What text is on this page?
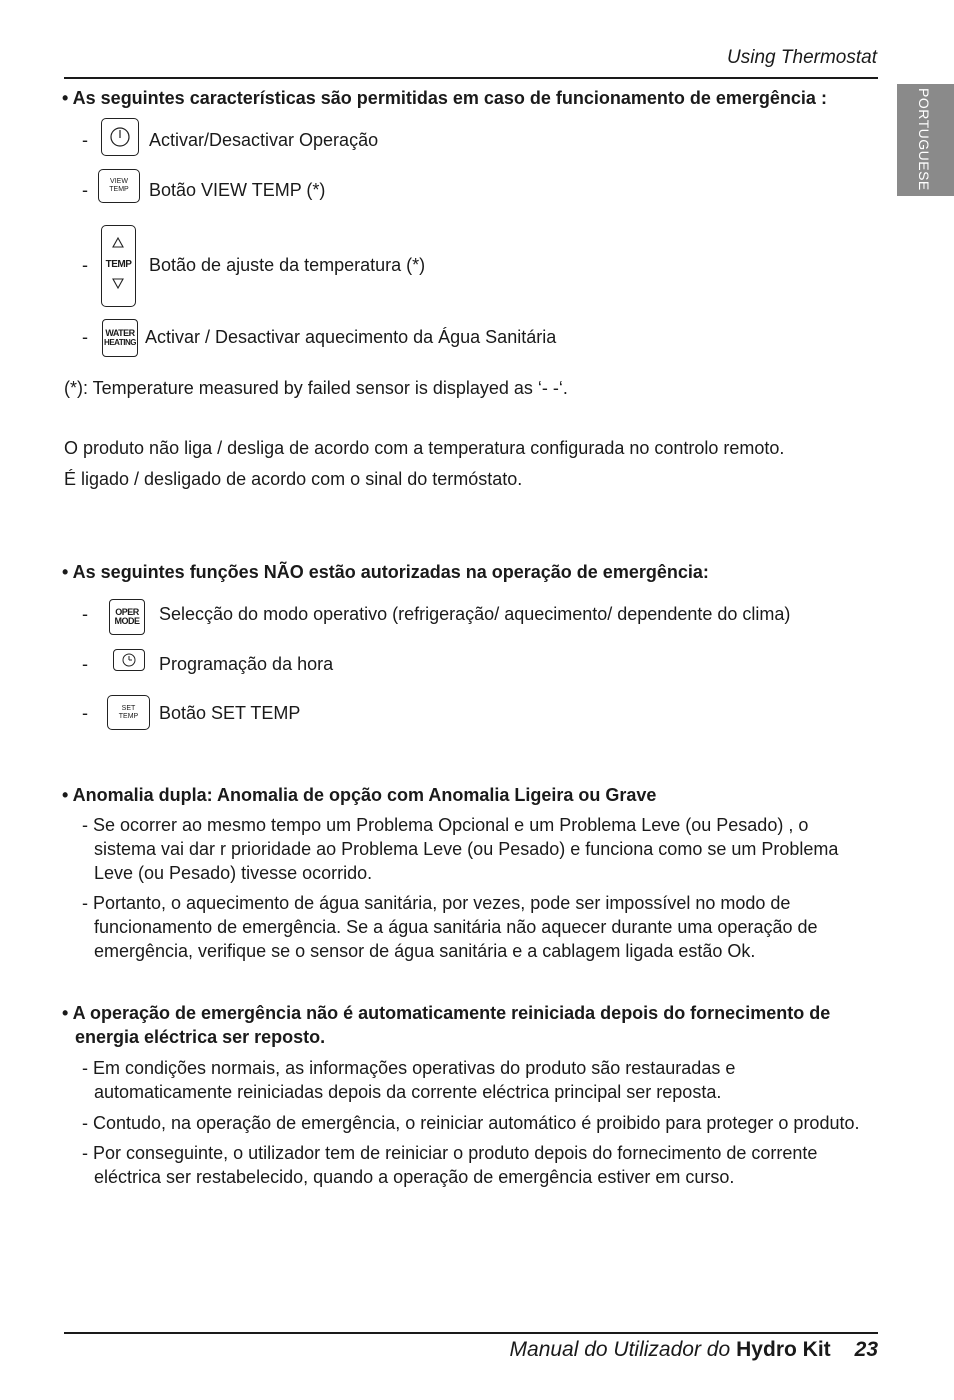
Using Thermostat
PORTUGUESE
• As seguintes características são permitidas em caso de funcionamento de emergência :
-	Activar/Desactivar Operação
-	VIEW
TEMP Botão VIEW TEMP (*)
-	TEMP Botão de ajuste da temperatura (*)
- WATER
HEATING Activar / Desactivar aquecimento da Água Sanitária
(*): Temperature measured by failed sensor is displayed as ‘- -‘.
O produto não liga / desliga de acordo com a temperatura configurada no controlo remoto.
É ligado / desligado de acordo com o sinal do termóstato.
• As seguintes funções NÃO estão autorizadas na operação de emergência:
-	OPER
MODE Selecção do modo operativo (refrigeração/ aquecimento/ dependente do clima)
-	Programação da hora
-	SET
TEMP Botão SET TEMP
• Anomalia dupla: Anomalia de opção com Anomalia Ligeira ou Grave
- Se ocorrer ao mesmo tempo um Problema Opcional e um Problema Leve (ou Pesado) , o
sistema vai dar r prioridade ao Problema Leve (ou Pesado) e funciona como se um Problema
Leve (ou Pesado) tivesse ocorrido.
- Portanto, o aquecimento de água sanitária, por vezes, pode ser impossível no modo de
funcionamento de emergência. Se a água sanitária não aquecer durante uma operação de
emergência, verifique se o sensor de água sanitária e a cablagem ligada estão Ok.
• A operação de emergência não é automaticamente reiniciada depois do fornecimento de
energia eléctrica ser reposto.
- Em condições normais, as informações operativas do produto são restauradas e
automaticamente reiniciadas depois da corrente eléctrica principal ser reposta.
- Contudo, na operação de emergência, o reiniciar automático é proibido para proteger o produto.
- Por conseguinte, o utilizador tem de reiniciar o produto depois do fornecimento de corrente
eléctrica ser restabelecido, quando a operação de emergência estiver em curso.
Manual do Utilizador do Hydro Kit 23
